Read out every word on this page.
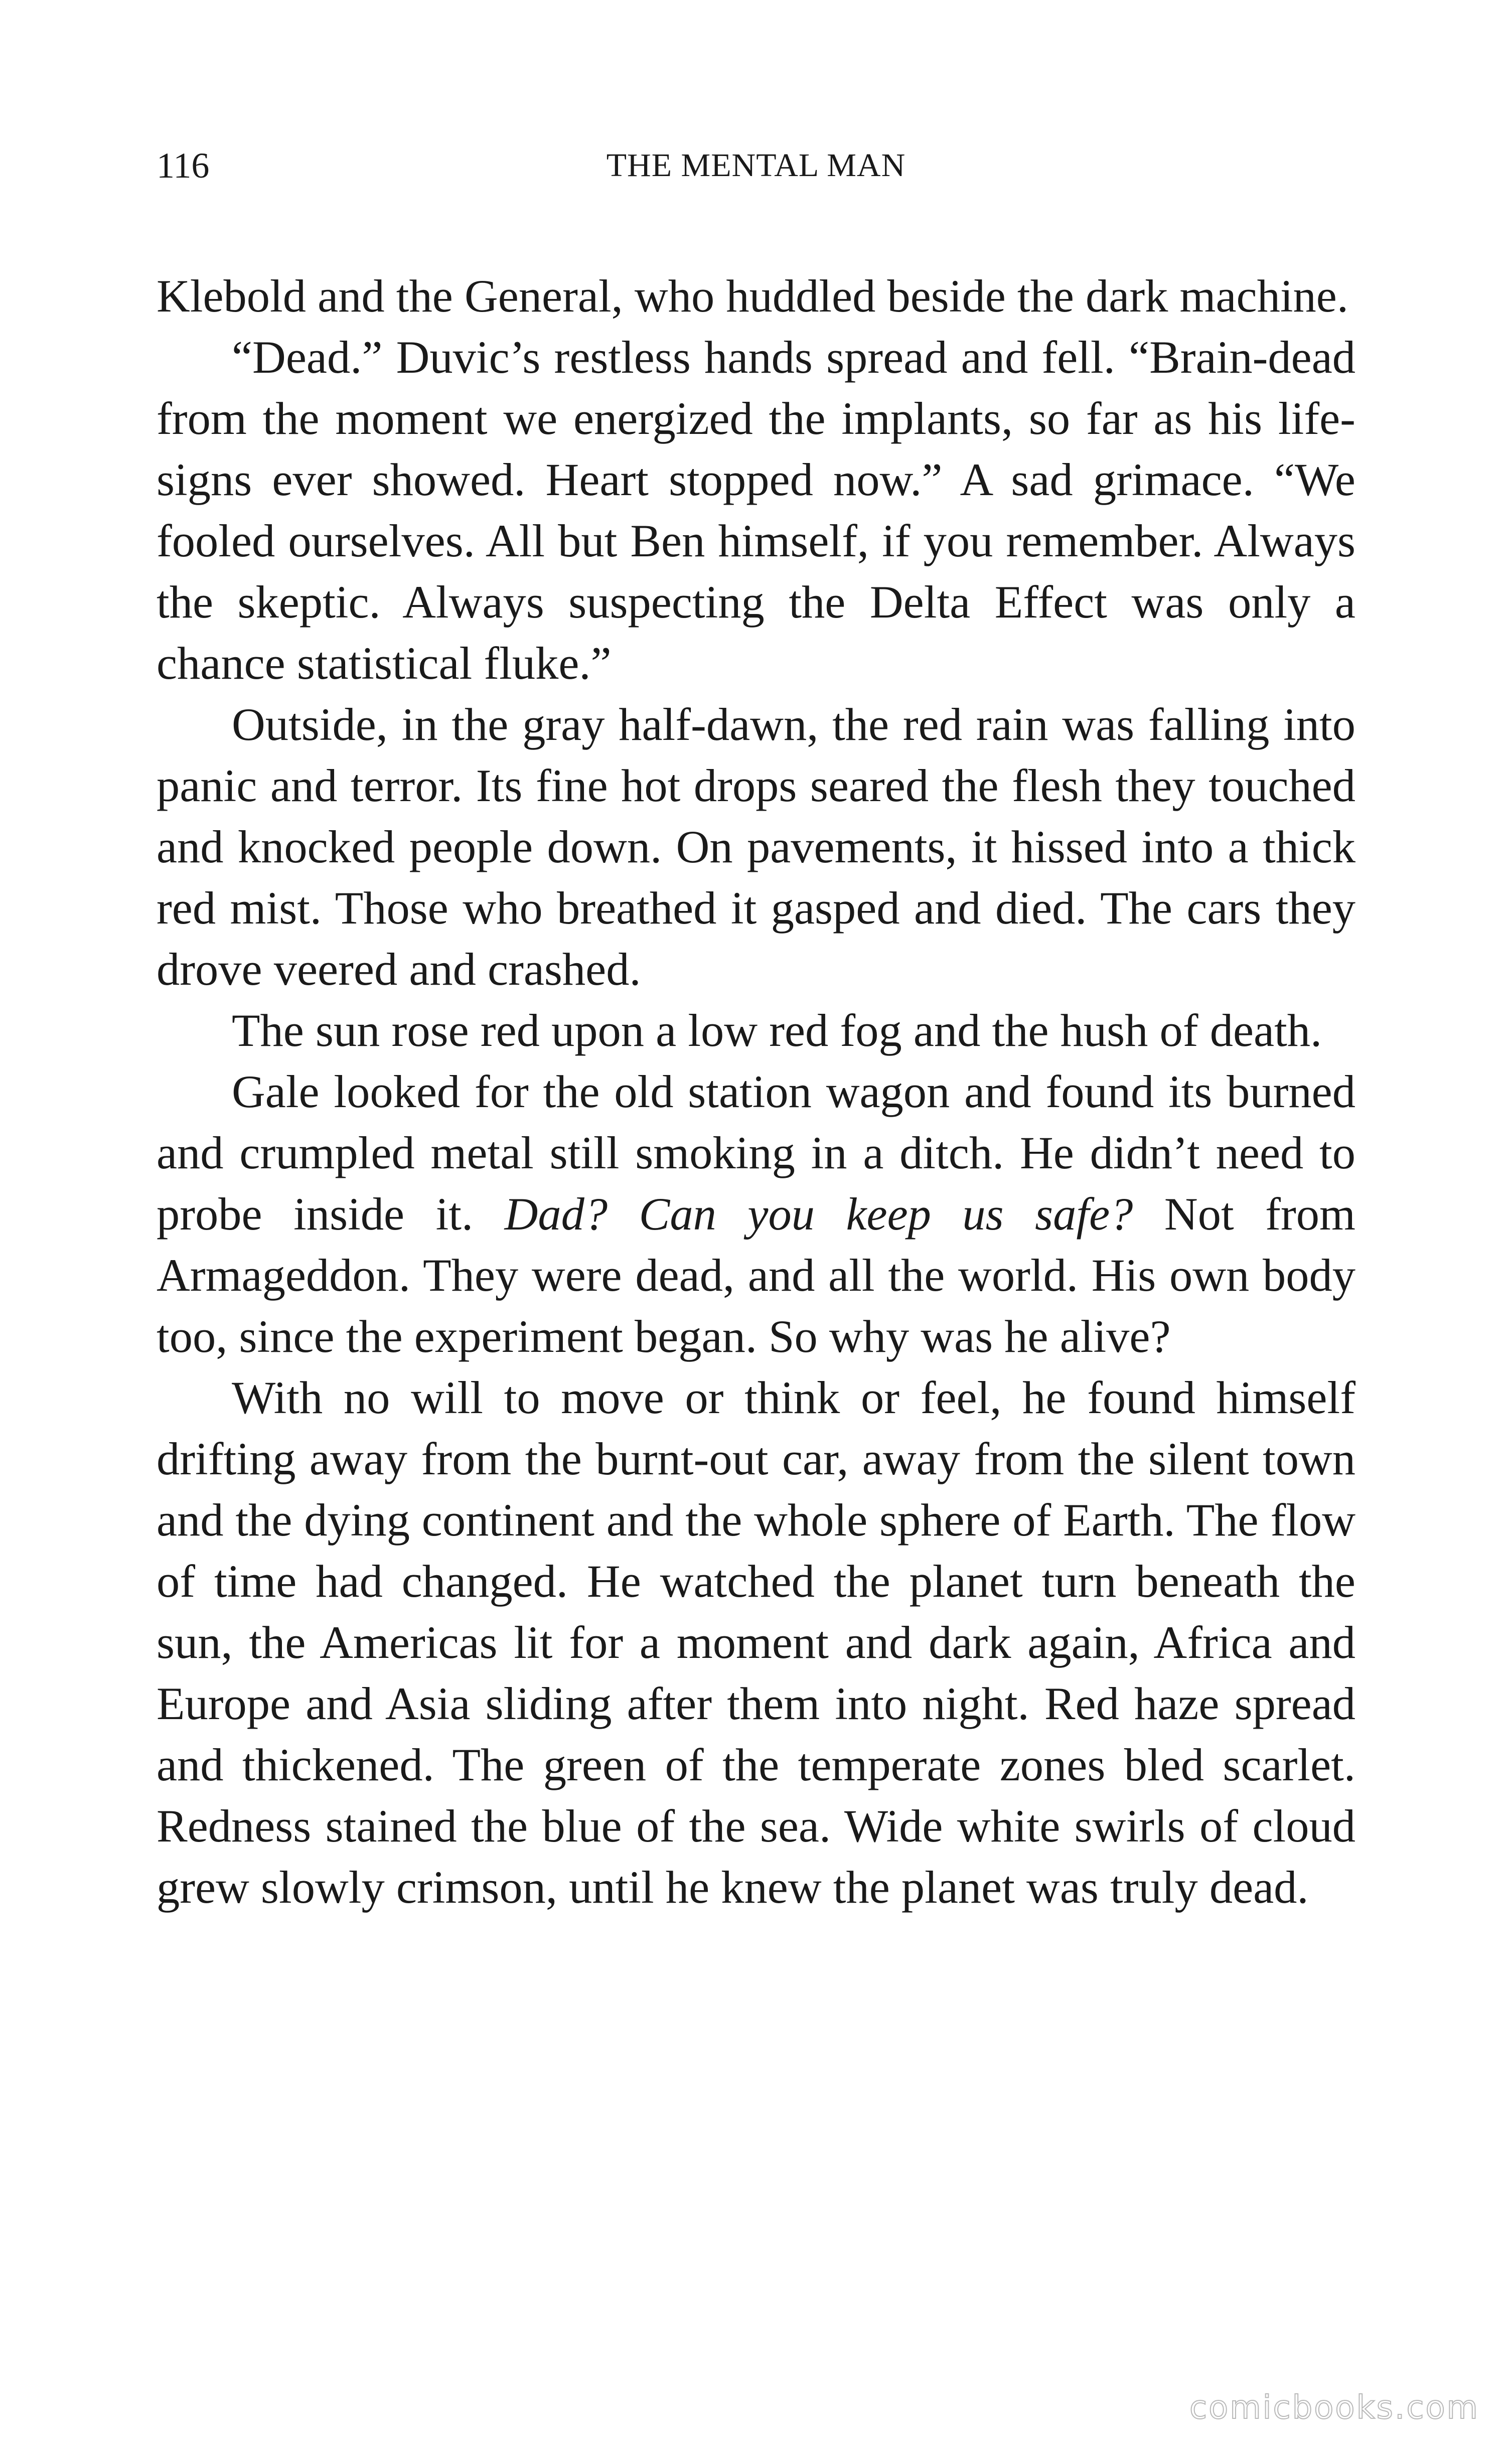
116	THE MENTAL MAN

Klebold and the General, who huddled beside the dark machine.

“Dead.” Duvic’s restless hands spread and fell. “Brain-dead from the moment we energized the implants, so far as his life-signs ever showed. Heart stopped now.” A sad grimace. “We fooled ourselves. All but Ben himself, if you remember. Always the skeptic. Always suspecting the Delta Effect was only a chance statistical fluke.”

Outside, in the gray half-dawn, the red rain was falling into panic and terror. Its fine hot drops seared the flesh they touched and knocked people down. On pavements, it hissed into a thick red mist. Those who breathed it gasped and died. The cars they drove veered and crashed.

The sun rose red upon a low red fog and the hush of death.

Gale looked for the old station wagon and found its burned and crumpled metal still smoking in a ditch. He didn’t need to probe inside it. Dad? Can you keep us safe? Not from Armageddon. They were dead, and all the world. His own body too, since the experiment began. So why was he alive?

With no will to move or think or feel, he found himself drifting away from the burnt-out car, away from the silent town and the dying continent and the whole sphere of Earth. The flow of time had changed. He watched the planet turn beneath the sun, the Americas lit for a moment and dark again, Africa and Europe and Asia sliding after them into night. Red haze spread and thickened. The green of the temperate zones bled scarlet. Redness stained the blue of the sea. Wide white swirls of cloud grew slowly crimson, until he knew the planet was truly dead.

comicbooks.com
